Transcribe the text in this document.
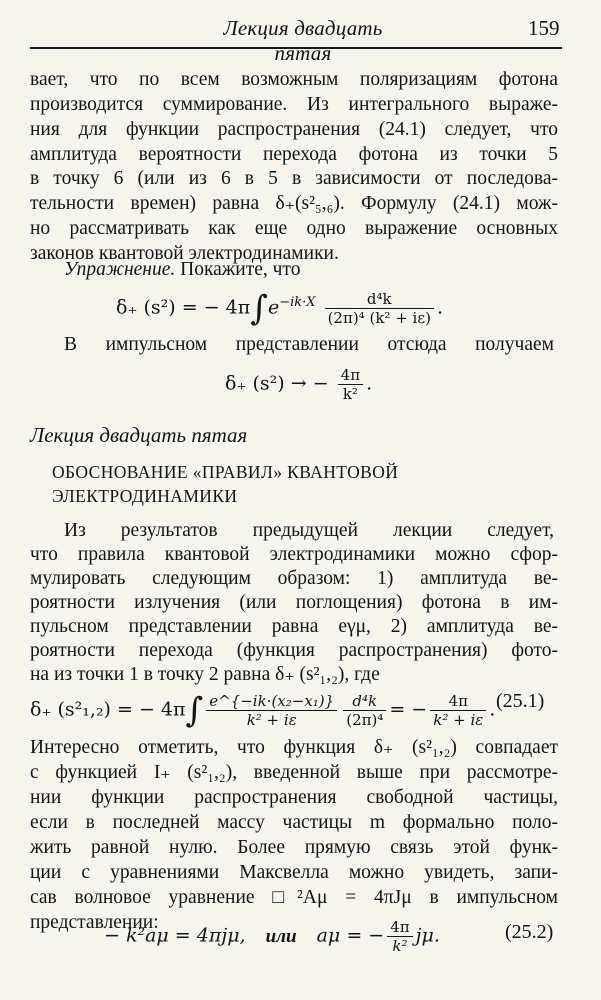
Лекция двадцать пятая
159
вает, что по всем возможным поляризациям фотона
производится суммирование. Из интегрального выраже-
ния для функции распространения (24.1) следует, что
амплитуда вероятности перехода фотона из точки 5
в точку 6 (или из 6 в 5 в зависимости от последова-
тельности времен) равна δ₊(s²₅,₆). Формулу (24.1) мож-
но рассматривать как еще одно выражение основных
законов квантовой электродинамики.
Упражнение. Покажите, что
δ₊ (s²) = − $4\pi\int e^{-ik\cdot X} \frac{\text{d⁴k}}{\text{(2π)⁴ (k² + iε)}}$ .
В импульсном представлении отсюда получаем
δ₊ (s²) → − $\frac{4\pi}{\text{k²}}$ .
Лекция двадцать пятая
ОБОСНОВАНИЕ «ПРАВИЛ» КВАНТОВОЙ
ЭЛЕКТРОДИНАМИКИ
Из результатов предыдущей лекции следует,
что правила квантовой электродинамики можно сфор-
мулировать следующим образом: 1) амплитуда ве-
роятности излучения (или поглощения) фотона в им-
пульсном представлении равна eγμ, 2) амплитуда ве-
роятности перехода (функция распространения) фото-
на из точки 1 в точку 2 равна δ₊ (s²₁,₂), где
δ₊ (s²₁,₂) = − $4\pi\int \frac{\text{e\textasciicircum{}\{−ik·(x₂−x₁)\}}}{\text{k² + iε}} \frac{\text{d⁴k}}{\text{(2π)⁴}}$ = − $\frac{4\pi}{\text{k² + iε}}$ . (25.1)
Интересно отметить, что функция δ₊ (s²₁,₂) совпадает
с функцией I₊ (s²₁,₂), введенной выше при рассмотре-
нии функции распространения свободной частицы,
если в последней массу частицы m формально поло-
жить равной нулю. Более прямую связь этой функ-
ции с уравнениями Максвелла можно увидеть, запи-
сав волновое уравнение □²Aμ = 4πJμ в импульсном
представлении:
− k²aμ = 4πjμ, или aμ = − $\frac{4\pi}{\text{k²}} j\mu$.	(25.2)
